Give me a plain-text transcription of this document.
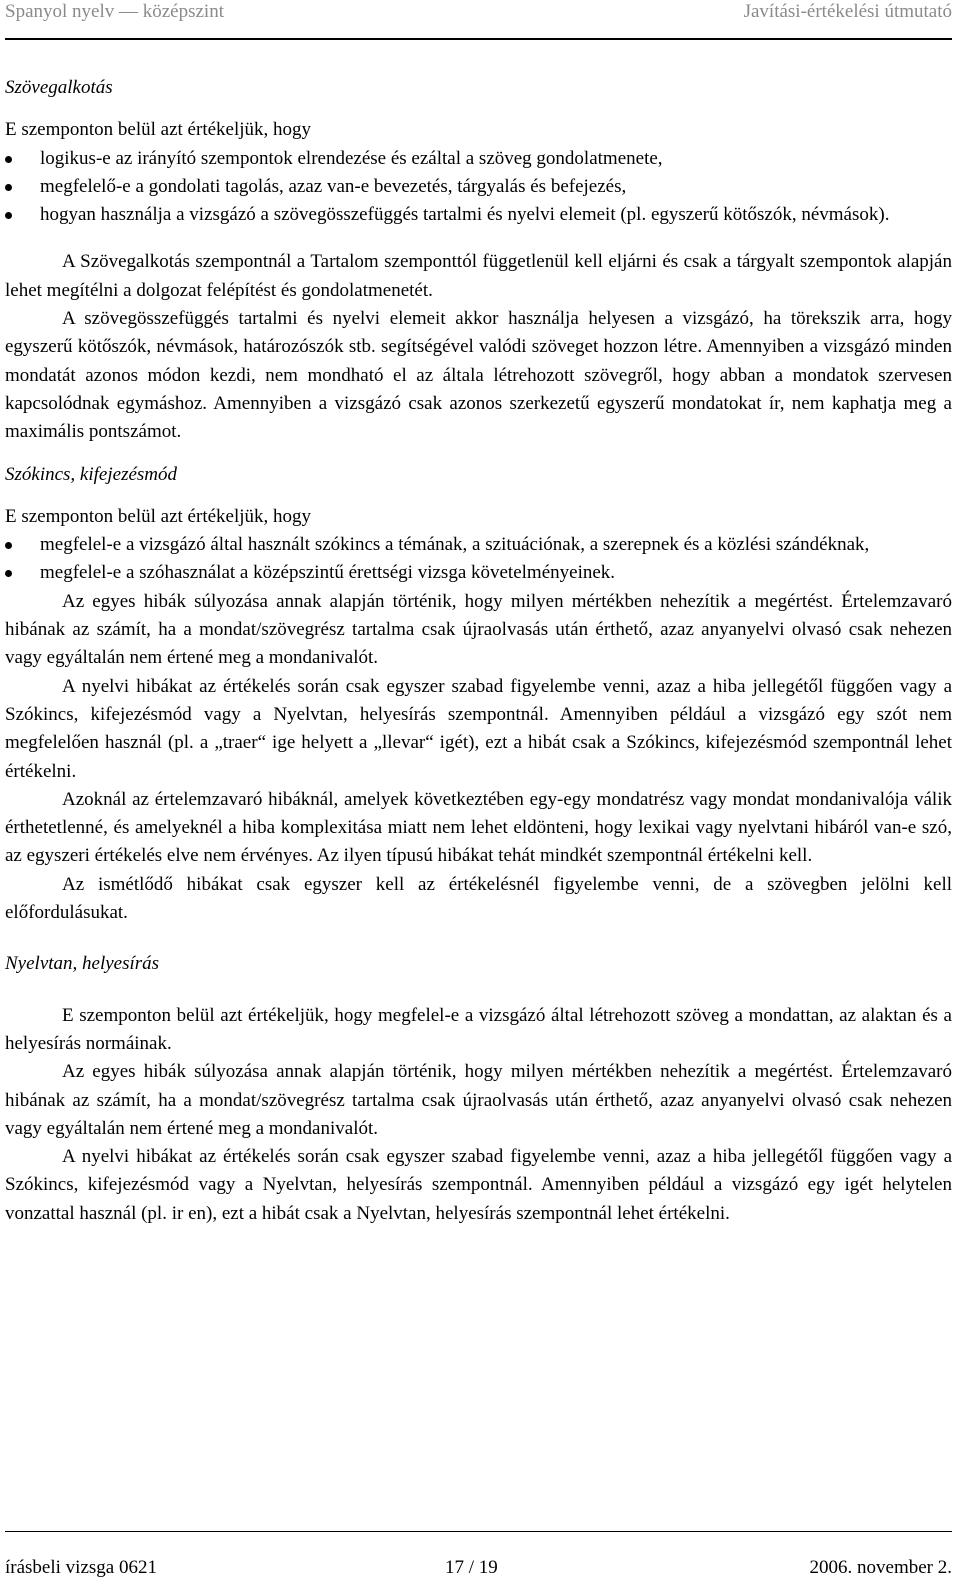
Spanyol nyelv — középszint	Javítási-értékelési útmutató
Szövegalkotás

E szemponton belül azt értékeljük, hogy

logikus-e az irányító szempontok elrendezése és ezáltal a szöveg gondolatmenete,
megfelelő-e a gondolati tagolás, azaz van-e bevezetés, tárgyalás és befejezés,
hogyan használja a vizsgázó a szövegösszefüggés tartalmi és nyelvi elemeit (pl. egyszerű kötőszók, névmások).

A Szövegalkotás szempontnál a Tartalom szemponttól függetlenül kell eljárni és csak a tárgyalt szempontok alapján lehet megítélni a dolgozat felépítést és gondolatmenetét.

A szövegösszefüggés tartalmi és nyelvi elemeit akkor használja helyesen a vizsgázó, ha törekszik arra, hogy egyszerű kötőszók, névmások, határozószók stb. segítségével valódi szöveget hozzon létre. Amennyiben a vizsgázó minden mondatát azonos módon kezdi, nem mondható el az általa létrehozott szövegről, hogy abban a mondatok szervesen kapcsolódnak egymáshoz. Amennyiben a vizsgázó csak azonos szerkezetű egyszerű mondatokat ír, nem kaphatja meg a maximális pontszámot.

Szókincs, kifejezésmód

E szemponton belül azt értékeljük, hogy

megfelel-e a vizsgázó által használt szókincs a témának, a szituációnak, a szerepnek és a közlési szándéknak,
megfelel-e a szóhasználat a középszintű érettségi vizsga követelményeinek.

Az egyes hibák súlyozása annak alapján történik, hogy milyen mértékben nehezítik a megértést. Értelemzavaró hibának az számít, ha a mondat/szövegrész tartalma csak újraolvasás után érthető, azaz anyanyelvi olvasó csak nehezen vagy egyáltalán nem értené meg a mondanivalót.

A nyelvi hibákat az értékelés során csak egyszer szabad figyelembe venni, azaz a hiba jellegétől függően vagy a Szókincs, kifejezésmód vagy a Nyelvtan, helyesírás szempontnál. Amennyiben például a vizsgázó egy szót nem megfelelően használ (pl. a „traer“ ige helyett a „llevar“ igét), ezt a hibát csak a Szókincs, kifejezésmód szempontnál lehet értékelni.

Azoknál az értelemzavaró hibáknál, amelyek következtében egy-egy mondatrész vagy mondat mondanivalója válik érthetetlenné, és amelyeknél a hiba komplexitása miatt nem lehet eldönteni, hogy lexikai vagy nyelvtani hibáról van-e szó, az egyszeri értékelés elve nem érvényes. Az ilyen típusú hibákat tehát mindkét szempontnál értékelni kell.

Az ismétlődő hibákat csak egyszer kell az értékelésnél figyelembe venni, de a szövegben jelölni kell előfordulásukat.

Nyelvtan, helyesírás

E szemponton belül azt értékeljük, hogy megfelel-e a vizsgázó által létrehozott szöveg a mondattan, az alaktan és a helyesírás normáinak.

Az egyes hibák súlyozása annak alapján történik, hogy milyen mértékben nehezítik a megértést. Értelemzavaró hibának az számít, ha a mondat/szövegrész tartalma csak újraolvasás után érthető, azaz anyanyelvi olvasó csak nehezen vagy egyáltalán nem értené meg a mondanivalót.

A nyelvi hibákat az értékelés során csak egyszer szabad figyelembe venni, azaz a hiba jellegétől függően vagy a Szókincs, kifejezésmód vagy a Nyelvtan, helyesírás szempontnál. Amennyiben például a vizsgázó egy igét helytelen vonzattal használ (pl. ir en), ezt a hibát csak a Nyelvtan, helyesírás szempontnál lehet értékelni.

írásbeli vizsga 0621	17 / 19	2006. november 2.
